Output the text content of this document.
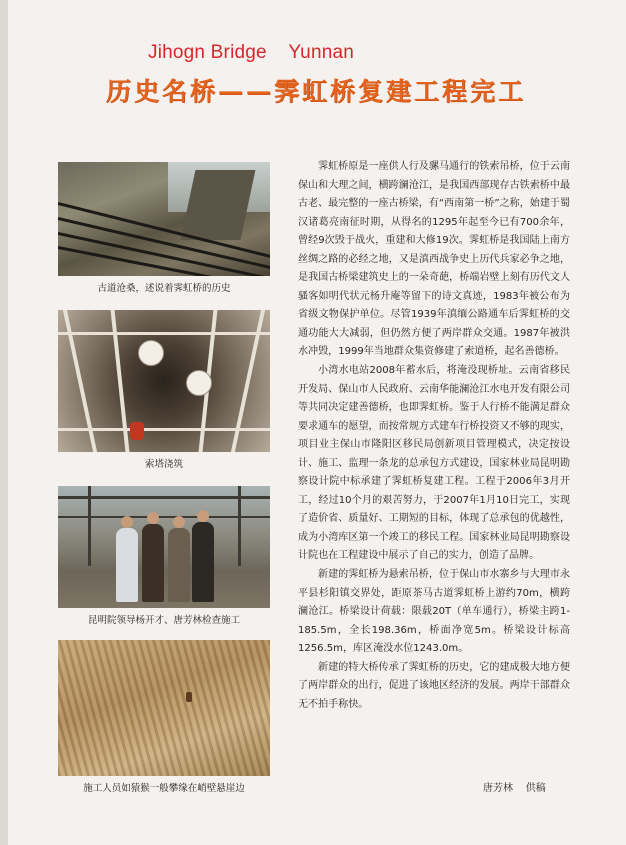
Jihogn Bridge    Yunnan
历史名桥——霁虹桥复建工程完工
古道沧桑，述说着霁虹桥的历史
索塔浇筑
昆明院领导杨开才、唐芳林检查施工
施工人员如猿猴一般攀缘在峭壁悬崖边

霁虹桥原是一座供人行及骡马通行的铁索吊桥，位于云南保山和大理之间，横跨澜沧江，是我国西部现存古铁索桥中最古老、最完整的一座古桥梁，有“西南第一桥”之称，始建于蜀汉诸葛亮南征时期，从得名的1295年起至今已有700余年，曾经9次毁于战火，重建和大修19次。霁虹桥是我国陆上南方丝绸之路的必经之地，又是滇西战争史上历代兵家必争之地，是我国古桥梁建筑史上的一朵奇葩，桥端岩壁上刻有历代文人骚客如明代状元杨升庵等留下的诗文真迹，1983年被公布为省级文物保护单位。尽管1939年滇缅公路通车后霁虹桥的交通功能大大减弱，但仍然方便了两岸群众交通。1987年被洪水冲毁，1999年当地群众集资修建了索道桥，起名善德桥。

小湾水电站2008年蓄水后，将淹没现桥址。云南省移民开发局、保山市人民政府、云南华能澜沧江水电开发有限公司等共同决定建善德桥，也即霁虹桥。鉴于人行桥不能满足群众要求通车的愿望，而按常规方式建车行桥投资又不够的现实，项目业主保山市隆阳区移民局创新项目管理模式，决定按设计、施工、监理一条龙的总承包方式建设，国家林业局昆明勘察设计院中标承建了霁虹桥复建工程。工程于2006年3月开工，经过10个月的艰苦努力，于2007年1月10日完工，实现了造价省、质量好、工期短的目标，体现了总承包的优越性，成为小湾库区第一个竣工的移民工程。国家林业局昆明勘察设计院也在工程建设中展示了自己的实力，创造了品牌。

新建的霁虹桥为悬索吊桥，位于保山市水寨乡与大理市永平县杉阳镇交界处，距原茶马古道霁虹桥上游约70m，横跨澜沧江。桥梁设计荷载：限载20T（单车通行），桥梁主跨1-185.5m，全长198.36m，桥面净宽5m。桥梁设计标高1256.5m，库区淹没水位1243.0m。

新建的特大桥传承了霁虹桥的历史，它的建成极大地方便了两岸群众的出行，促进了该地区经济的发展。两岸干部群众无不拍手称快。

唐芳林    供稿
